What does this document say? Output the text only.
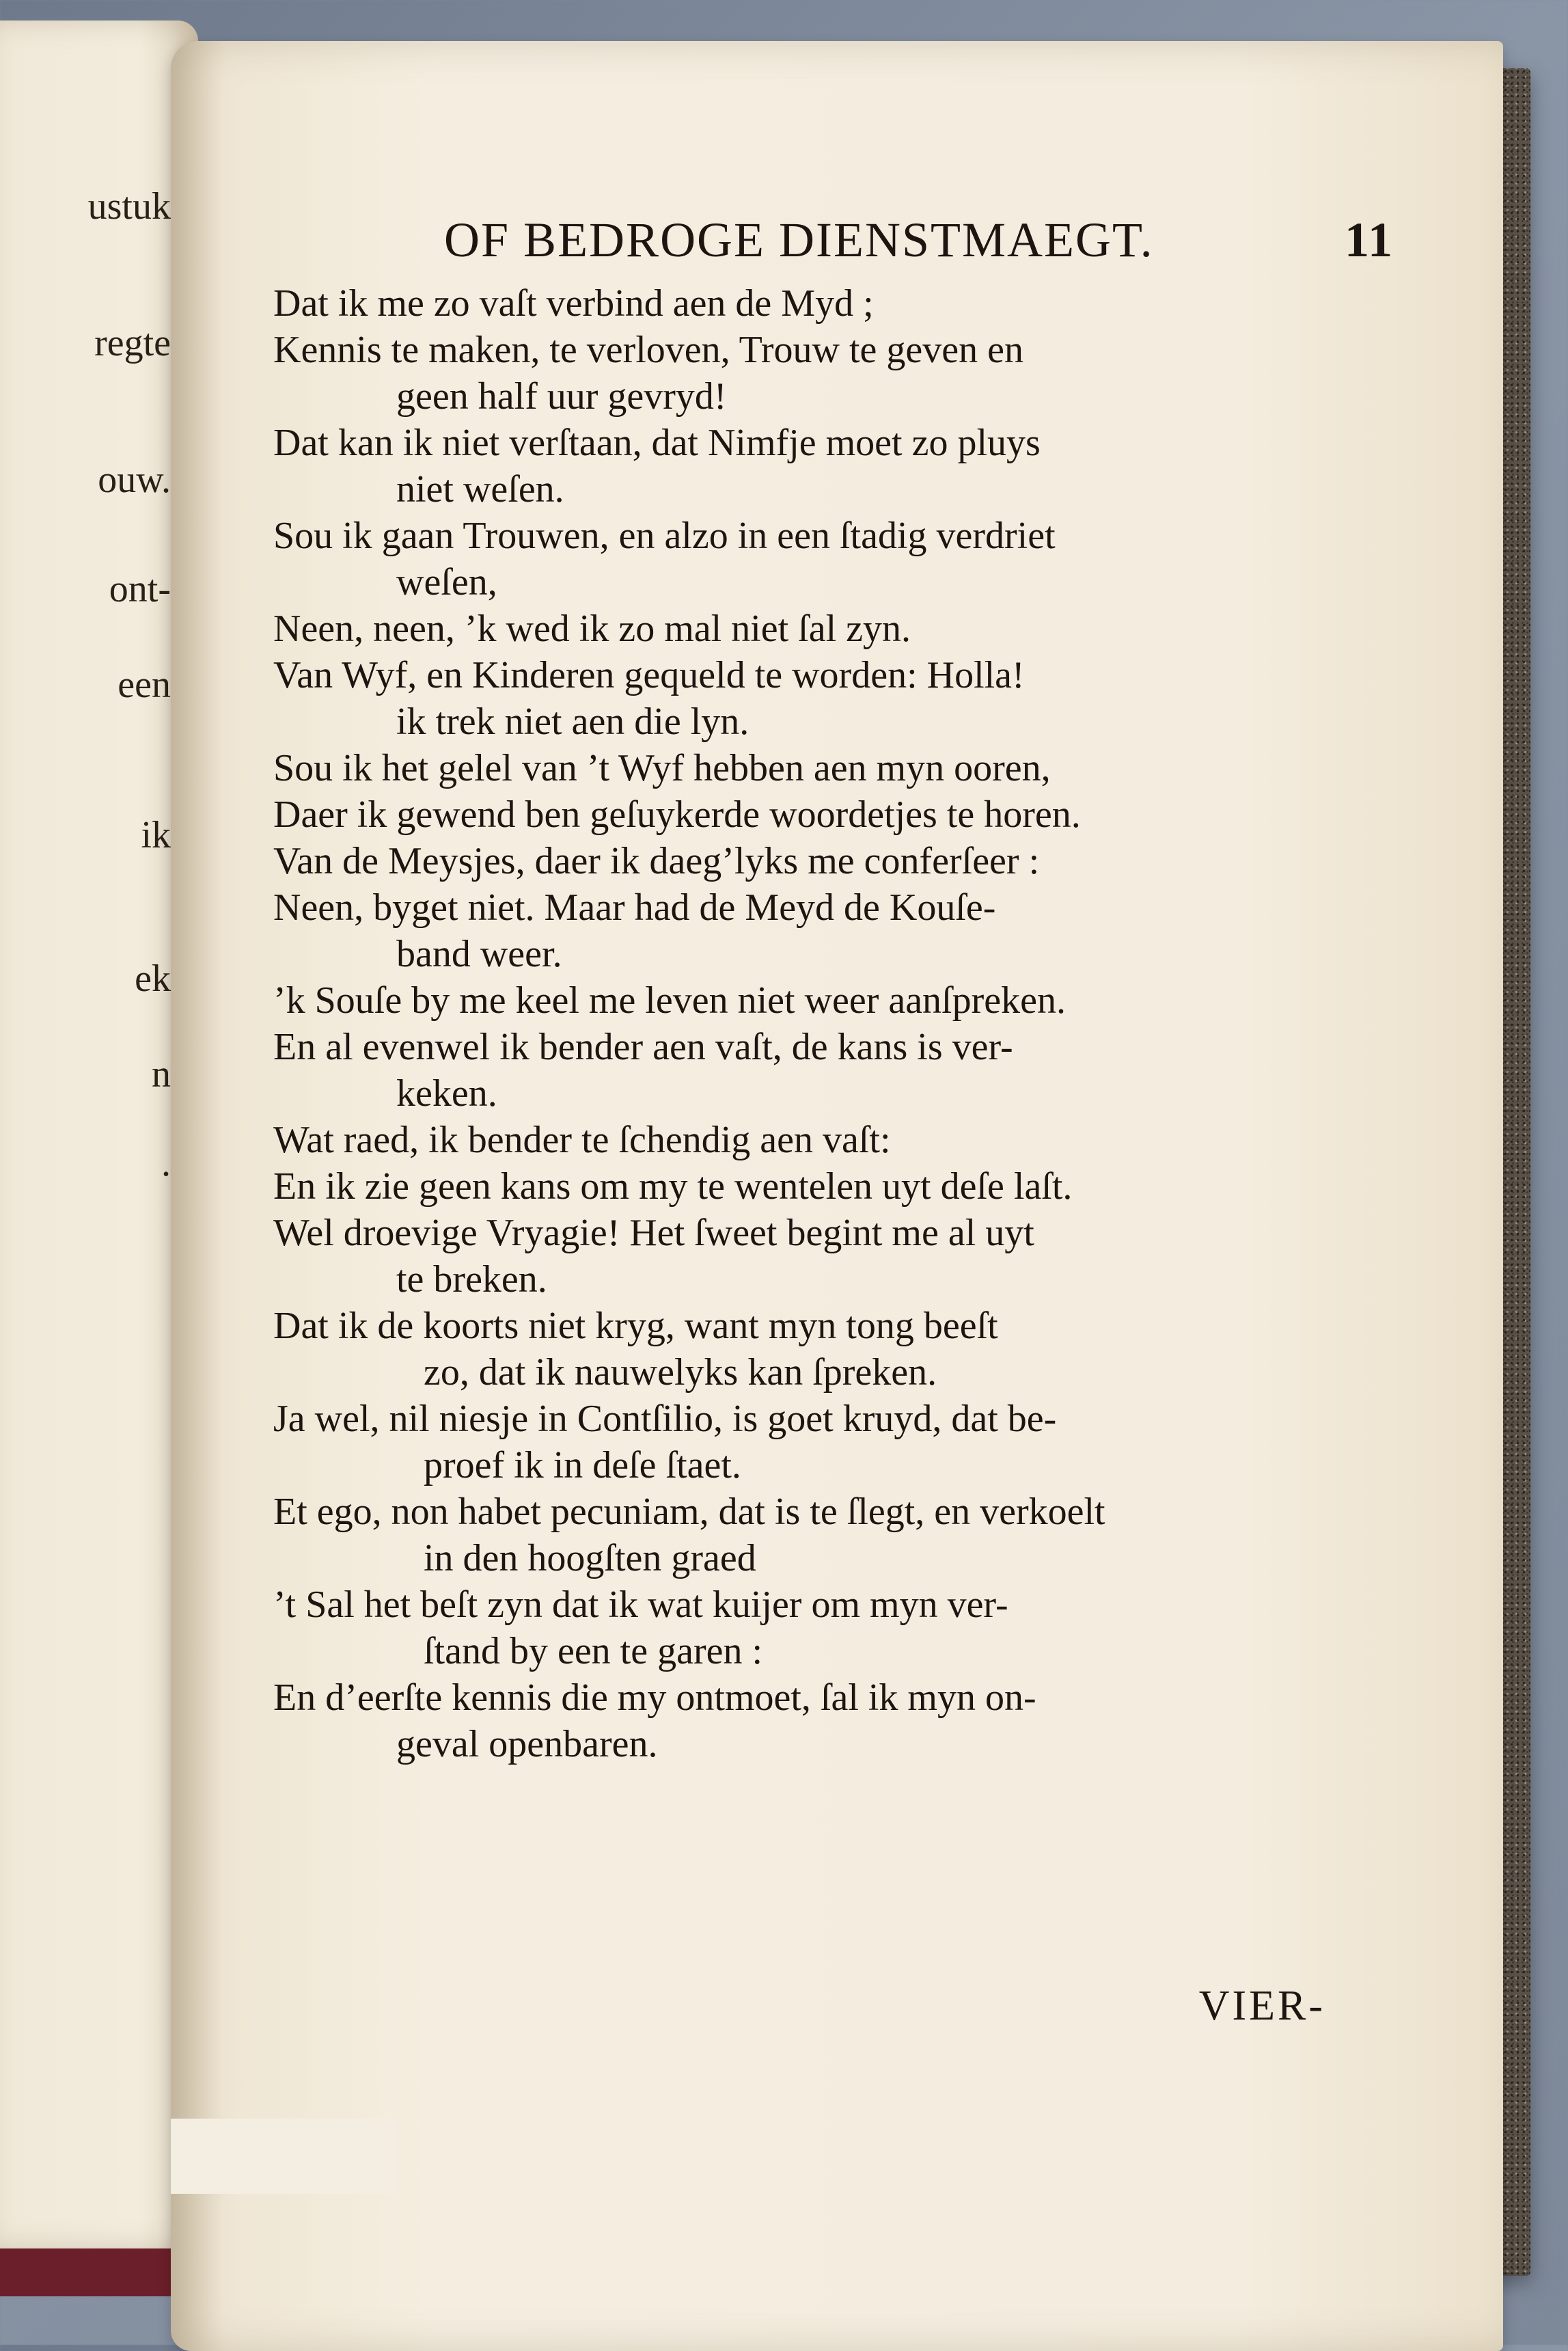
ustuk
regte
ouw.
ont-
een
ik
ek
n
.
OF BEDROGE DIENSTMAEGT.	11
Dat ik me zo vaſt verbind aen de Myd ;
Kennis te maken, te verloven, Trouw te geven en
geen half uur gevryd!
Dat kan ik niet verſtaan, dat Nimfje moet zo pluys
niet weſen.
Sou ik gaan Trouwen, en alzo in een ſtadig verdriet
weſen,
Neen, neen, ’k wed ik zo mal niet ſal zyn.
Van Wyf, en Kinderen gequeld te worden: Holla!
ik trek niet aen die lyn.
Sou ik het gelel van ’t Wyf hebben aen myn ooren,
Daer ik gewend ben geſuykerde woordetjes te horen.
Van de Meysjes, daer ik daeg’lyks me conferſeer :
Neen, byget niet. Maar had de Meyd de Kouſe-
band weer.
’k Souſe by me keel me leven niet weer aanſpreken.
En al evenwel ik bender aen vaſt, de kans is ver-
keken.
Wat raed, ik bender te ſchendig aen vaſt:
En ik zie geen kans om my te wentelen uyt deſe laſt.
Wel droevige Vryagie! Het ſweet begint me al uyt
te breken.
Dat ik de koorts niet kryg, want myn tong beeſt
zo, dat ik nauwelyks kan ſpreken.
Ja wel, nil niesje in Contſilio, is goet kruyd, dat be-
proef ik in deſe ſtaet.
Et ego, non habet pecuniam, dat is te ſlegt, en verkoelt
in den hoogſten graed
’t Sal het beſt zyn dat ik wat kuijer om myn ver-
ſtand by een te garen :
En d’eerſte kennis die my ontmoet, ſal ik myn on-
geval openbaren.
VIER-
